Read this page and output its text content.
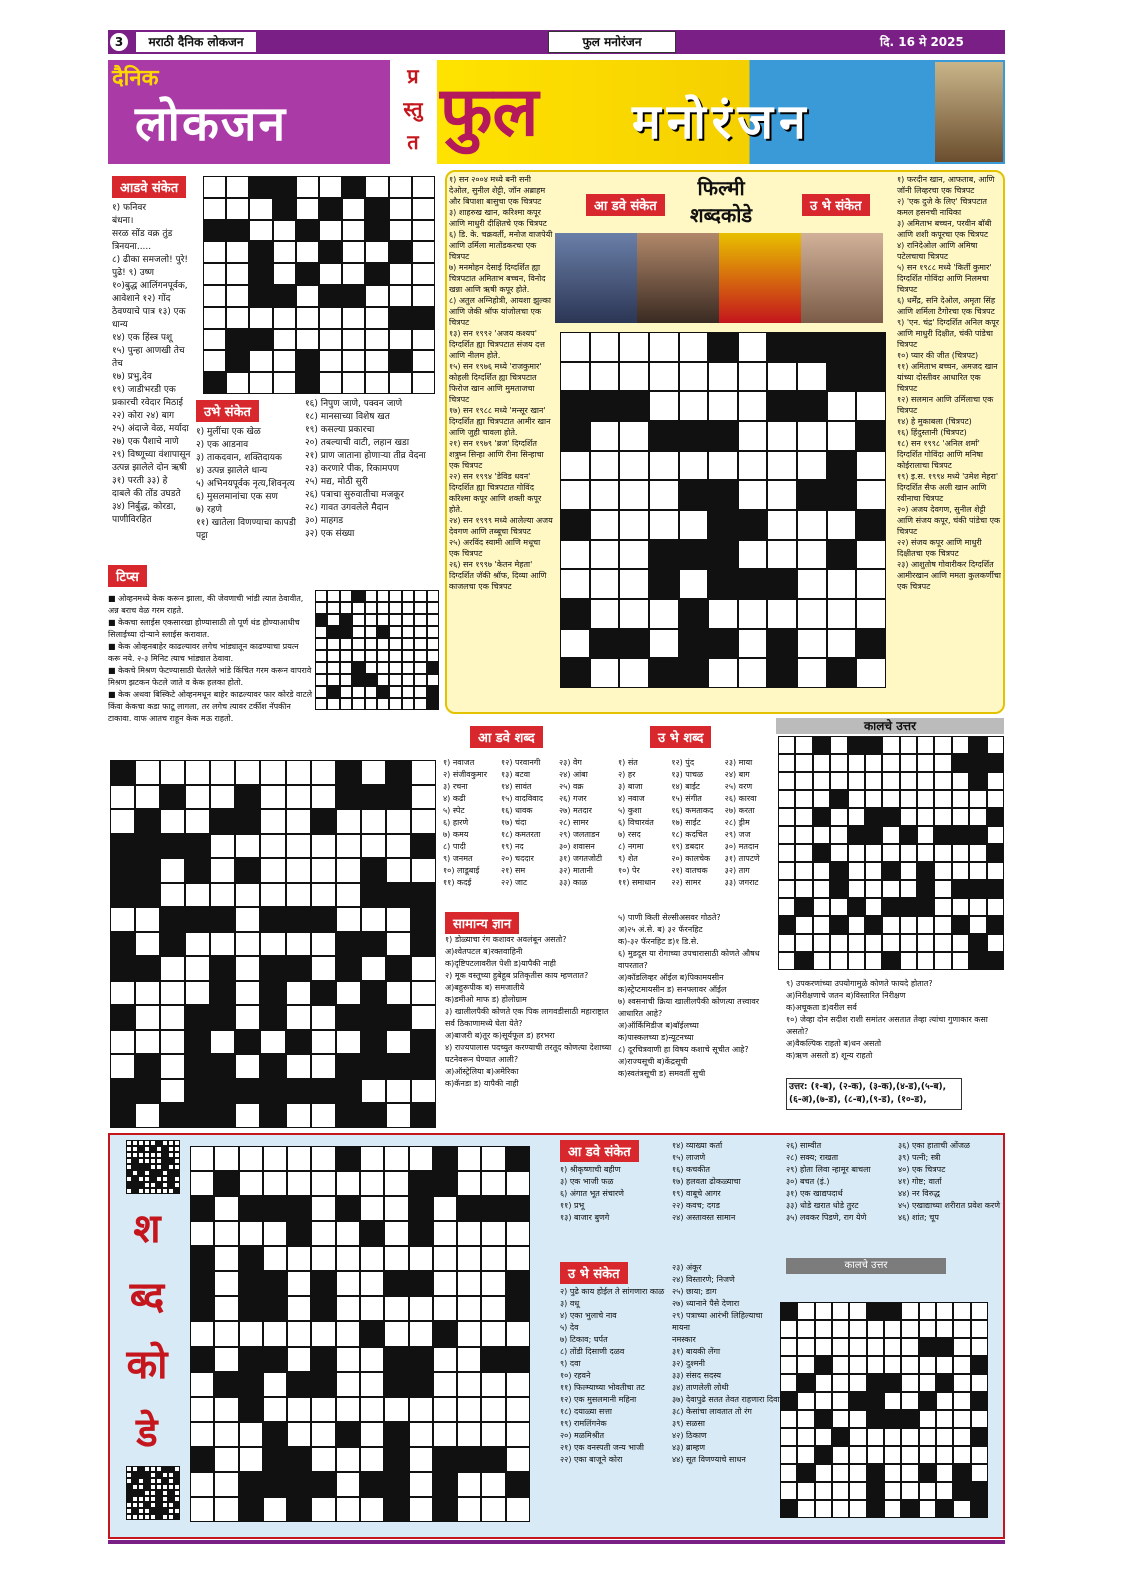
3	मराठी दैनिक लोकजन	फुल मनोरंजन	दि. 16 मे 2025
दैनिक
लोकजन
प्र
स्तु
त फुल मनोरंजन
आडवे संकेत
१) फनिवर
बंधना।
सरळ सोंड वक्र तुंड
त्रिनयना.....
८) ढीका समजलो! पुरे!
पुढे! ९) उष्ण
१०)बुद्ध आलिंगनपूर्वक,
आवेशाने १२) गोंद
ठेवण्याचे पात्र १३) एक
धान्य
१४) एक हिंस्त्र पशू
१५) पुन्हा आणखी तेच
तेच
१७) प्रभु,देव
१९) जाडीभरडी एक
प्रकारची रवेदार मिठाई
२२) कोरा २४) बाग
२५) अंदाजे वेळ, मर्यादा
२७) एक पैशाचे नाणे
२९) विष्णूच्या वंशापासून
उत्पन्न झालेले दोन ऋषी
३१) परती ३३) हे
दाबले की तोंड उघडते
३४) निर्बुद्ध, कोरडा,
पाणीविरहित
उभे संकेत
१) मुलींचा एक खेळ
२) एक आडनाव
३) ताकदवान, शक्तिदायक
४) उत्पन्न झालेले धान्य
५) अभिनयपूर्वक नृत्य,शिवनृत्य
६) मुसलमानांचा एक सण
७) रहणे
११) खातेला विणण्याचा कापडी
पट्टा
१६) निपुण जाणे, पक्वन जाणे
१८) मानसाच्या विशेष खत
१९) कसल्या प्रकारचा
२०) तबल्याची वाटी, लहान खडा
२१) प्राण जाताना होणाऱ्या तीव्र वेदना
२३) करणारे पीक, रिकामपण
२५) मद्य, मोठी सुरी
२६) पत्राचा सुरुवातीचा मजकूर
२८) गावत उगवलेले मैदान
३०) माहगड
३२) एक संख्या
टिप्स
■ ओव्हनमध्ये केक करून झाला, की जेवणाची भांडी त्यात ठेवावीत, अन्न बराच वेळ गरम राहते.
■ केकचा स्लाईस एकसारखा होण्यासाठी तो पूर्ण थंड होण्याआधीच सिलाईच्या दोऱ्याने स्लाईस करावात.
■ केक ओव्हनबाहेर काढल्यावर लगेच भांड्यातून काढण्याचा प्रयत्न करू नये. २-३ मिनिट त्याच भांड्यात ठेवावा.
■ केकचे मिश्रण फेटण्यासाठी घेतलेले भांडे किंचित गरम करून वापरावे मिश्रण झटकन फेटले जाते व केक हलका होतो.
■ केक अथवा बिस्किटे ओव्हनमधून बाहेर काढल्यावर फार कोरडे वाटले किंवा केकचा कडा फाटू लागला, तर लगेच त्यावर टर्कीश नॅपकीन टाकावा. वाफ आतच राहून केक मऊ राहतो.
१) सन २००४ मध्ये बनी सनी देओल, सुनील शेट्टी, जॉन अब्राहम और बिपाशा बासुचा एक चित्रपट
३) शाहरुख खान, करिश्मा कपूर आणि माधुरी दीक्षितचे एक चित्रपट
६) डि. के. चक्रवर्ती, मनोज वाजपेयी आणि उर्मिला मातोंडकरचा एक चित्रपट
७) मनमोहन देसाई दिग्दर्शित ह्या चित्रपटात अमिताभ बच्चन, विनोद खन्ना आणि ऋषी कपूर होते.
८) अतुल अग्निहोत्री, आयशा झुल्का आणि जेकी श्रॉफ यांजोलचा एक चित्रपट
१३) सन १९९२ 'अजय कश्यप' दिग्दर्शित ह्या चित्रपटात संजय दत्त आणि नीलम होते.
१५) सन १९७६ मध्ये 'राजकुमार' कोहली दिग्दर्शित ह्या चित्रपटात फिरोज खान आणि मुमताजचा चित्रपट
१७) सन १९८८ मध्ये 'मन्सूर खान' दिग्दर्शित ह्या चित्रपटात आमीर खान आणि जुही चावला होते.
२१) सन १९७९ 'ब्रज' दिग्दर्शित शत्रुघ्न सिन्हा आणि रीना सिन्हाचा एक चित्रपट
२२) सन १९९४ 'डेविड धवन' दिग्दर्शित ह्या चित्रपटात गोविंद करिश्मा कपूर आणि शक्ती कपूर होते.
२४) सन १९९९ मध्ये आलेल्या अजय देवगण आणि तब्बूचा चित्रपट
२५) अरविंद स्वामी आणि मधूचा एक चित्रपट
२६) सन १९९७ 'केतन मेहता' दिग्दर्शित जॅकी श्रॉफ, दिव्या आणि काजलचा एक चित्रपट
१) फरदीन खान, आफताब, आणि जॉनी लिव्हरचा एक चित्रपट
२) 'एक दुजे के लिए' चित्रपटात कमल हसनची नायिका
३) अमिताभ बच्चन, परवीन बॉबी आणि शशी कपूरचा एक चित्रपट
४) रानिदेओल आणि अमिषा पटेलचाचा चित्रपट
५) सन १९८८ मध्ये 'किर्ती कुमार' दिग्दर्शित गोविंदा आणि निलमचा चित्रपट
६) धर्मेंद्र, सनि देओल, अमृता सिंह आणि शर्मिला टैगोरचा एक चित्रपट
९) 'एन. चंद्र' दिग्दर्शित अनिल कपूर आणि माधुरी दिक्षीत, चंकी पांडेचा चित्रपट
१०) प्यार की जीत (चित्रपट)
११) अमिताभ बच्चन, अमजद खान यांच्या दोस्तीवर आधारित एक चित्रपट
१२) सलमान आणि उर्मिलाचा एक चित्रपट
१४) हे मुकाबला (चित्रपट)
१६) हिंदुस्तानी (चित्रपट)
१८) सन १९९८ 'अनिल शर्मा' दिग्दर्शित गोविंदा आणि मनिषा कोईरालाचा चित्रपट
१९) इ.स. १९९४ मध्ये 'उमेश मेहरा' दिग्दर्शित सैफ अली खान आणि रवीनाचा चित्रपट
२०) अजय देवगण, सुनील शेट्टी आणि संजय कपूर, चंकी पांडेचा एक चित्रपट
२२) संजय कपूर आणि माधुरी दिक्षीतचा एक चित्रपट
२३) आशुतोष गोवारीकर दिग्दर्शित आमीरखान आणि ममता कुलकर्णीचा एक चित्रपट
फिल्मी
शब्दकोडे
आ डवे संकेत	उ भे संकेत
आ डवे शब्द	उ भे शब्द
१) नवाजत
२) संजीवकुमार
३) रचना
४) कढी
५) स्पेट
६) हारणे
७) कमय
८) पादी
९) जनमत
१०) लाडूबाई
११) कदई
१२) परवानगी
१३) बटवा
१४) सावंत
१५) वादविवाद
१६) धावक
१७) चंदा
१८) कमतरता
१९) नद
२०) चददार
२१) सम
२२) जाट
२३) वेग
२४) आंबा
२५) वक्र
२६) गजर
२७) मतदार
२८) सामर
२९) जलताडन
३०) शवासन
३१) जगतजोटी
३२) मातानी
३३) काळ
१) संत
२) हर
३) बाजा
४) नवाज
५) कुशा
६) विचारवंत
७) रसद
८) नगमा
९) शेत
१०) पेर
११) समाधान
१२) पुंद
१३) पाचळ
१४) बाईट
१५) संगीत
१६) कमताकद
१७) साईट
१८) कदचित
१९) डबदार
२०) कालचेक
२१) वातचक
२२) सामर
२३) माया
२४) बाग
२५) वरण
२६) कारवा
२७) करता
२८) ड्रीम
२९) जज
३०) मतदान
३१) तापटणे
३२) ताग
३३) जगराट
कालचे उत्तर
सामान्य ज्ञान
१) डोळ्याचा रंग कशावर अवलंबून असतो?
अ)श्वेतपटल ब)रक्तवाहिनी
क)दृष्टिपटलावरील पेशी ड)यापैकी नाही
२) मूक वस्तूच्या हुबेहूब प्रतिकृतीस काय म्हणतात?
अ)बहुरूपीक ब) समजातीये
क)डमीओ माफ ड) होलोग्राम
३) खालीलपैकी कोणते एक पिक लागवडीसाठी महाराष्ट्रात सर्व ठिकाणामध्ये घेता येते?
अ)बाजरी ब)तूर क)सूर्यफूल ड) हरभरा
४) राज्यपालास पदच्युत करण्याची तरतूद कोणत्या देशाच्या घटनेवरून घेण्यात आली?
अ)ऑस्ट्रेलिया ब)अमेरिका
क)कॅनडा ड) यापैकी नाही
५) पाणी किती सेल्सीअसवर गोठते?
अ)२५ अं.से. ब) ३२ फॅरनहिट
क)-३२ फॅरनहिट ड)१ डि.से.
६) मुडदूस या रोगाच्या उपचारासाठी कोणते औषध वापरतात?
अ)कॉडलिव्हर ऑईल ब)पिकामयसीन
क)स्ट्रेप्टमायसीन ड) सनफ्लावर ऑईल
७) श्वसनाची क्रिया खालीलपैकी कोणत्या तत्त्वावर आधारित आहे?
अ)ऑर्किमिडीज ब)बॉईलच्या
क)पास्कलच्या ड)न्यूटनच्या
८) दूरचित्रवाणी हा विषय कशाचे सूचीत आहे?
अ)राज्यसूची ब)केंद्रसूची
क)स्वतंत्रसूची ड) समवर्ती सुची
९) उपकरणांच्या उपयोगामुळे कोणते फायदे होतात?
अ)निरीक्षणाचे जतन ब)विस्तारित निरीक्षण
क)अचूकता ड)वरील सर्व
१०) जेव्हा दोन सदीश राशी समांतर असतात तेव्हा त्यांचा गुणाकार कसा असतो?
अ)वैकल्पिक राहतो ब)धन असतो
क)ऋण असतो ड) शून्य राहतो
उत्तर: (१-ब), (२-क), (३-क),(४-ड),(५-ब), (६-अ),(७-ड), (८-ब),(९-ड), (१०-ड),
श
ब्द
को
डे
आ डवे संकेत
१) श्रीकृष्णाची बहीण
३) एक भाजी फळ
६) अंगात भूत संचारणे
११) प्रभू
१३) बाजार बुणगे
१४) व्याख्या कर्ता
१५) लाजणे
१६) कचकीत
१७) हलवता ढोकळ्याचा
१९) वाबूचे आगर
२२) कवच; दगड
२४) अस्तावस्त सामान
२६) साम्वीत
२८) सक्य; राखता
२९) होता लिवा न्हामूर बाचला
३०) बचत (इं.)
३१) एक खाद्यपदार्थ
३३) धोडे खरात धोडे तुरट
३५) लवकर पिडणे, राग येणे
३६) एका हाताची ओंजळ
३९) पत्नी; स्त्री
४०) एक चित्रपट
४१) गोष्ट; वार्ता
४४) नर विरुद्ध
४५) एखाद्याच्या शरीरात प्रवेश करणे
४६) शांत; चूप
उ भे संकेत
२) पुढे काय होईल ते सांगणारा काळ
३) वधू
४) एका भुलाचे नाव
५) देव
७) टिकाव; घर्पत
८) तोंडी दिसाणी दळव
९) दवा
१०) रहवने
११) फिल्म्याच्या भोवतीचा तट
१२) एक मुसलमानी महिना
१८) दयाळ्या सत्ता
१९) रामलिंगनेक
२०) मळमिश्रीत
२१) एक वनस्पती जन्य भाजी
२२) एका बाजूने कोरा
२३) अंकूर
२४) विस्तारणे; निजणे
२५) छाया; डाग
२७) ध्यानाने पैसे देणारा
२९) पत्राच्या आरंभी लिहिल्याचा मायना
नमस्कार
३१) बायकी लेंगा
३२) दुश्मनी
३३) संसद सदस्य
३४) ताणलेली लोथी
३७) देवापुढे सतत तेवत राहणारा दिवा
३८) केसांचा लावतात तो रंग
३९) सळसा
४२) ठिकाण
४३) ब्राम्हण
४४) सूत विणण्याचे साधन
कालचे उत्तर
